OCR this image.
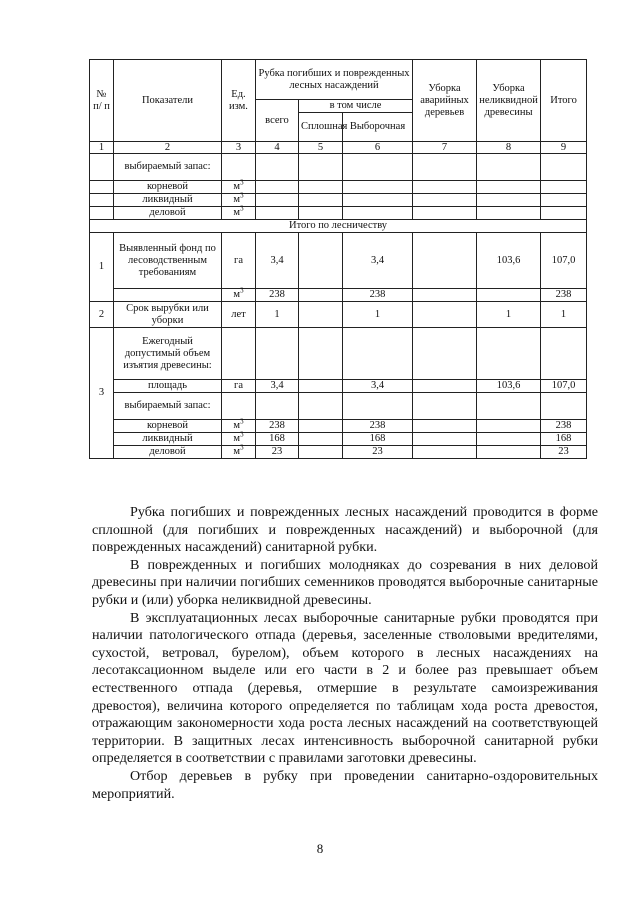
№ п/ п	Показатели	Ед. изм.	Рубка погибших и поврежденных лесных насаждений			Уборка аварийных деревьев	Уборка неликвидной древесины	Итого
			всего	в том числе				
				Сплошная	Выборочная			
1	2	3	4	5	6	7	8	9
	выбираемый запас:							
	корневой	$м^3$						
	ликвидный	$м^3$						
	деловой	$м^3$						
Итого по лесничеству								
1	Выявленный фонд по лесоводственным требованиям	га	3,4		3,4		103,6	107,0
		$м^3$	238		238			238
2	Срок вырубки или уборки	лет	1		1		1	1
3	Ежегодный допустимый объем изъятия древесины:							
	площадь	га	3,4		3,4		103,6	107,0
	выбираемый запас:							
	корневой	$м^3$	238		238			238
	ликвидный	$м^3$	168		168			168
	деловой	$м^3$	23		23			23

Рубка погибших и поврежденных лесных насаждений проводится в форме сплошной (для погибших и поврежденных насаждений) и выборочной (для поврежденных насаждений) санитарной рубки.

В поврежденных и погибших молодняках до созревания в них деловой древесины при наличии погибших семенников проводятся выборочные санитарные рубки и (или) уборка неликвидной древесины.

В эксплуатационных лесах выборочные санитарные рубки проводятся при наличии патологического отпада (деревья, заселенные стволовыми вредителями, сухостой, ветровал, бурелом), объем которого в лесных насаждениях на лесотаксационном выделе или его части в 2 и более раз превышает объем естественного отпада (деревья, отмершие в результате самоизреживания древостоя), величина которого определяется по таблицам хода роста древостоя, отражающим закономерности хода роста лесных насаждений на соответствующей территории. В защитных лесах интенсивность выборочной санитарной рубки определяется в соответствии с правилами заготовки древесины.

Отбор деревьев в рубку при проведении санитарно-оздоровительных мероприятий.

8
